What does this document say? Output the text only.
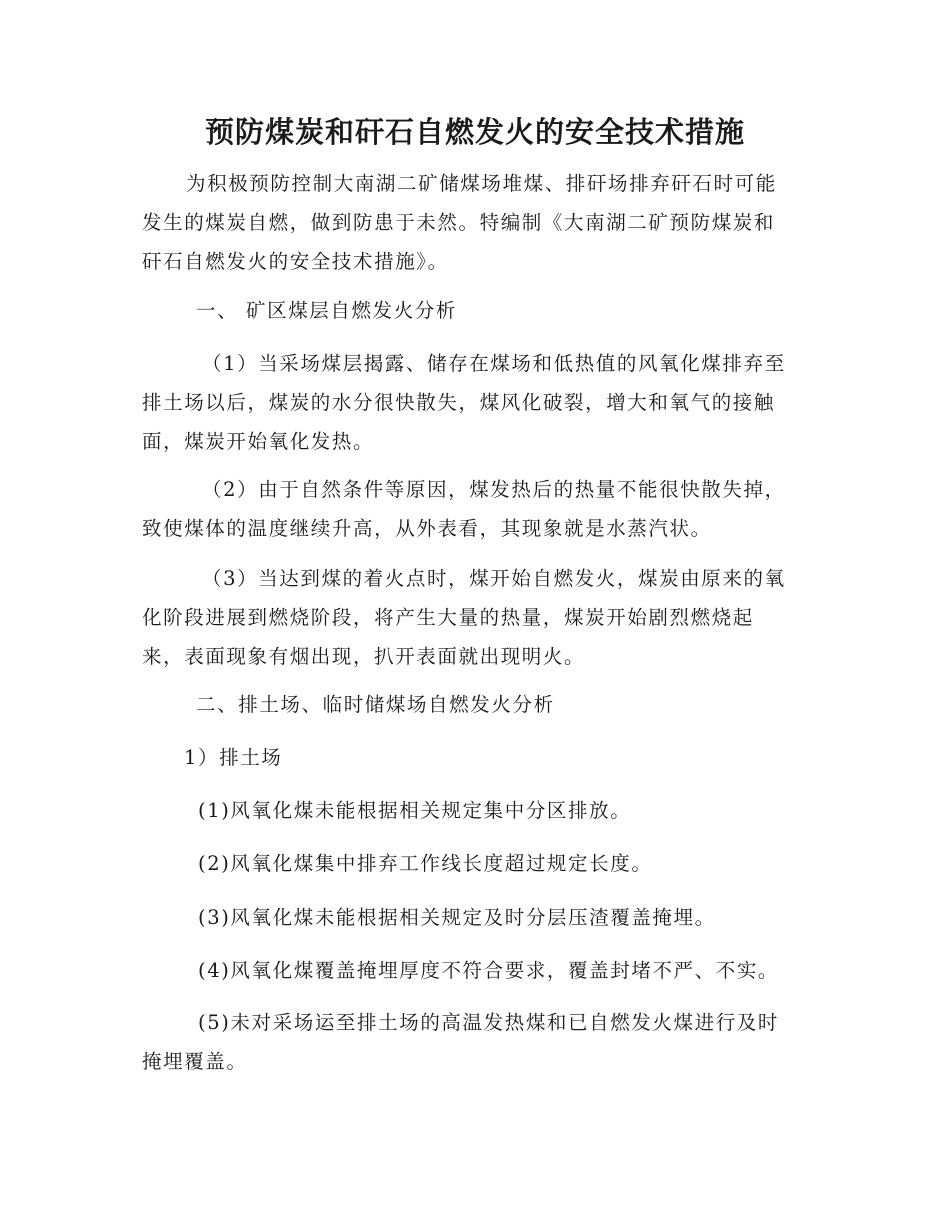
预防煤炭和矸石自燃发火的安全技术措施
为积极预防控制大南湖二矿储煤场堆煤、排矸场排弃矸石时可能
发生的煤炭自燃，做到防患于未然。特编制《大南湖二矿预防煤炭和
矸石自燃发火的安全技术措施》。
一、 矿区煤层自燃发火分析
（1）当采场煤层揭露、储存在煤场和低热值的风氧化煤排弃至
排土场以后，煤炭的水分很快散失，煤风化破裂，增大和氧气的接触
面，煤炭开始氧化发热。
（2）由于自然条件等原因，煤发热后的热量不能很快散失掉，
致使煤体的温度继续升高，从外表看，其现象就是水蒸汽状。
（3）当达到煤的着火点时，煤开始自燃发火，煤炭由原来的氧
化阶段进展到燃烧阶段，将产生大量的热量，煤炭开始剧烈燃烧起
来，表面现象有烟出现，扒开表面就出现明火。
二、排土场、临时储煤场自燃发火分析
1）排土场
(1)风氧化煤未能根据相关规定集中分区排放。
(2)风氧化煤集中排弃工作线长度超过规定长度。
(3)风氧化煤未能根据相关规定及时分层压渣覆盖掩埋。
(4)风氧化煤覆盖掩埋厚度不符合要求，覆盖封堵不严、不实。
(5)未对采场运至排土场的高温发热煤和已自燃发火煤进行及时
掩埋覆盖。
